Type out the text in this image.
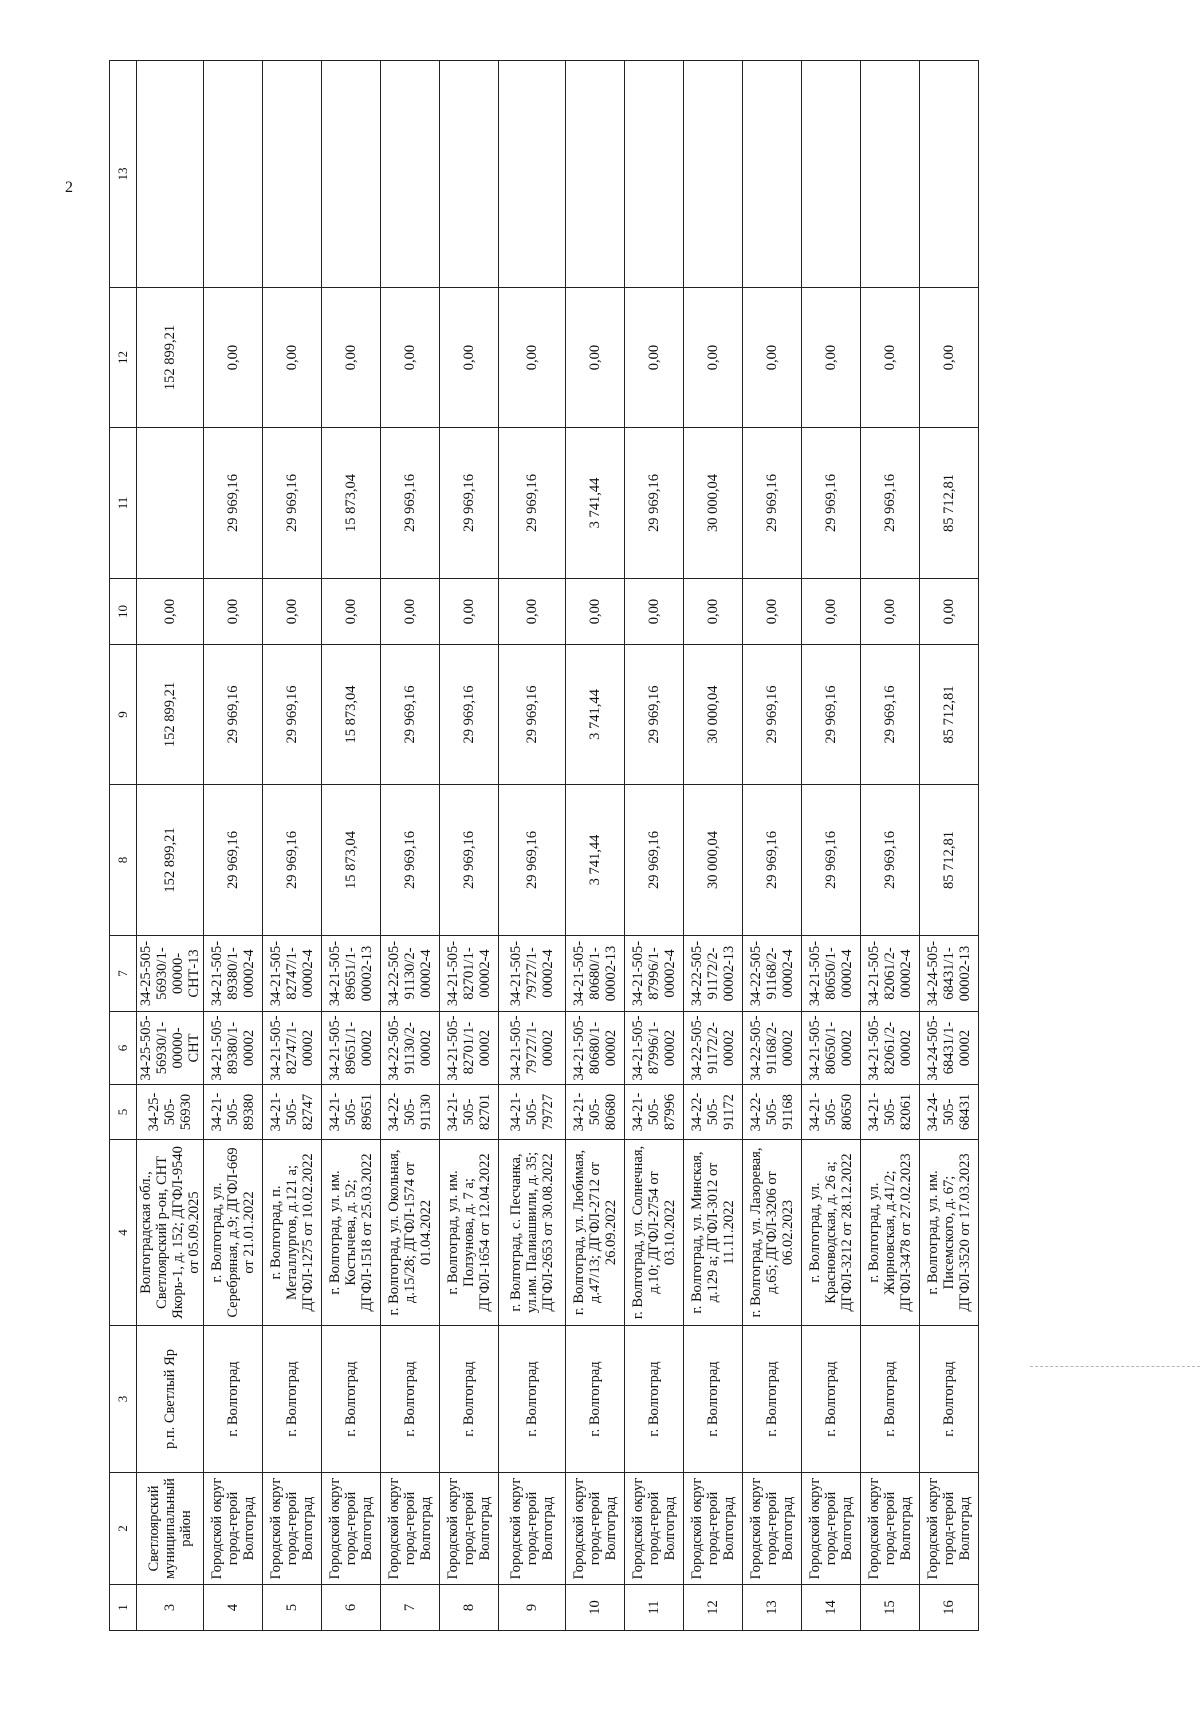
2
1	2	3	4	5	6	7	8	9	10	11	12	13
3	Светлоярский муниципальный район	р.п. Светлый Яр	Волгоградская обл., Светлоярский р-он, СНТ Якорь-1, д. 152; ДГФЛ-9540 от 05.09.2025	34-25-505-56930	34-25-505-56930/1-00000-СНТ	34-25-505-56930/1-00000-СНТ-13	152 899,21	152 899,21	0,00		152 899,21	
4	Городской округ город-герой Волгоград	г. Волгоград	г. Волгоград, ул. Серебряная, д.9; ДГФЛ-669 от 21.01.2022	34-21-505-89380	34-21-505-89380/1-00002	34-21-505-89380/1-00002-4	29 969,16	29 969,16	0,00	29 969,16	0,00	
5	Городской округ город-герой Волгоград	г. Волгоград	г. Волгоград, п. Металлургов, д.121 а; ДГФЛ-1275 от 10.02.2022	34-21-505-82747	34-21-505-82747/1-00002	34-21-505-82747/1-00002-4	29 969,16	29 969,16	0,00	29 969,16	0,00	
6	Городской округ город-герой Волгоград	г. Волгоград	г. Волгоград, ул. им. Костычева, д. 52; ДГФЛ-1518 от 25.03.2022	34-21-505-89651	34-21-505-89651/1-00002	34-21-505-89651/1-00002-13	15 873,04	15 873,04	0,00	15 873,04	0,00	
7	Городской округ город-герой Волгоград	г. Волгоград	г. Волгоград, ул. Окольная, д.15/28; ДГФЛ-1574 от 01.04.2022	34-22-505-91130	34-22-505-91130/2-00002	34-22-505-91130/2-00002-4	29 969,16	29 969,16	0,00	29 969,16	0,00	
8	Городской округ город-герой Волгоград	г. Волгоград	г. Волгоград, ул. им. Ползунова, д. 7 а; ДГФЛ-1654 от 12.04.2022	34-21-505-82701	34-21-505-82701/1-00002	34-21-505-82701/1-00002-4	29 969,16	29 969,16	0,00	29 969,16	0,00	
9	Городской округ город-герой Волгоград	г. Волгоград	г. Волгоград, с. Песчанка, ул.им. Палиашвили, д. 35; ДГФЛ-2653 от 30.08.2022	34-21-505-79727	34-21-505-79727/1-00002	34-21-505-79727/1-00002-4	29 969,16	29 969,16	0,00	29 969,16	0,00	
10	Городской округ город-герой Волгоград	г. Волгоград	г. Волгоград, ул. Любимая, д.47/13; ДГФЛ-2712 от 26.09.2022	34-21-505-80680	34-21-505-80680/1-00002	34-21-505-80680/1-00002-13	3 741,44	3 741,44	0,00	3 741,44	0,00	
11	Городской округ город-герой Волгоград	г. Волгоград	г. Волгоград, ул. Солнечная, д.10; ДГФЛ-2754 от 03.10.2022	34-21-505-87996	34-21-505-87996/1-00002	34-21-505-87996/1-00002-4	29 969,16	29 969,16	0,00	29 969,16	0,00	
12	Городской округ город-герой Волгоград	г. Волгоград	г. Волгоград, ул. Минская, д.129 а; ДГФЛ-3012 от 11.11.2022	34-22-505-91172	34-22-505-91172/2-00002	34-22-505-91172/2-00002-13	30 000,04	30 000,04	0,00	30 000,04	0,00	
13	Городской округ город-герой Волгоград	г. Волгоград	г. Волгоград, ул. Лазоревая, д.65; ДГФЛ-3206 от 06.02.2023	34-22-505-91168	34-22-505-91168/2-00002	34-22-505-91168/2-00002-4	29 969,16	29 969,16	0,00	29 969,16	0,00	
14	Городской округ город-герой Волгоград	г. Волгоград	г. Волгоград, ул. Красноводская, д. 26 а; ДГФЛ-3212 от 28.12.2022	34-21-505-80650	34-21-505-80650/1-00002	34-21-505-80650/1-00002-4	29 969,16	29 969,16	0,00	29 969,16	0,00	
15	Городской округ город-герой Волгоград	г. Волгоград	г. Волгоград, ул. Жирновская, д.41/2; ДГФЛ-3478 от 27.02.2023	34-21-505-82061	34-21-505-82061/2-00002	34-21-505-82061/2-00002-4	29 969,16	29 969,16	0,00	29 969,16	0,00	
16	Городской округ город-герой Волгоград	г. Волгоград	г. Волгоград, ул. им. Писемского, д. 67; ДГФЛ-3520 от 17.03.2023	34-24-505-68431	34-24-505-68431/1-00002	34-24-505-68431/1-00002-13	85 712,81	85 712,81	0,00	85 712,81	0,00	
